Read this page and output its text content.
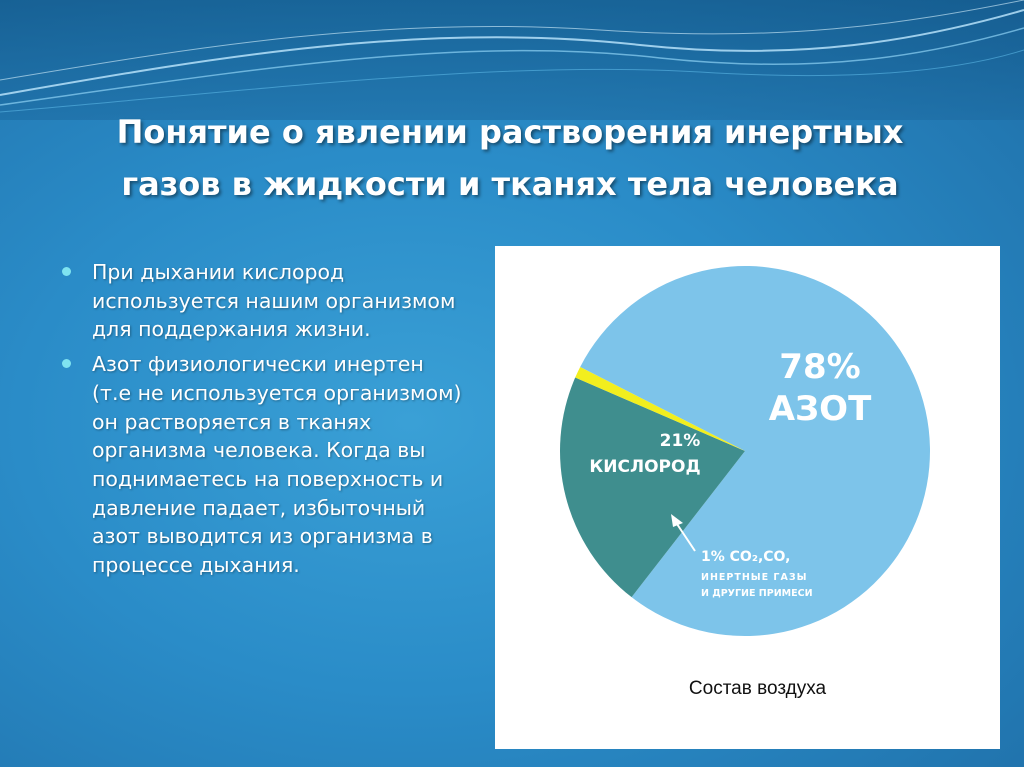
Понятие о явлении растворения инертных
газов в жидкости и тканях тела человека
При дыхании кислород используется нашим организмом для поддержания жизни.
Азот физиологически инертен (т.е не используется организмом) он растворяется в тканях организма человека. Когда вы поднимаетесь на поверхность и давление падает, избыточный азот выводится из организма в процессе дыхания.
78%
АЗОТ
21%
КИСЛОРОД
1% CO₂,CO,
ИНЕРТНЫЕ ГАЗЫ
И ДРУГИЕ ПРИМЕСИ
Состав воздуха
